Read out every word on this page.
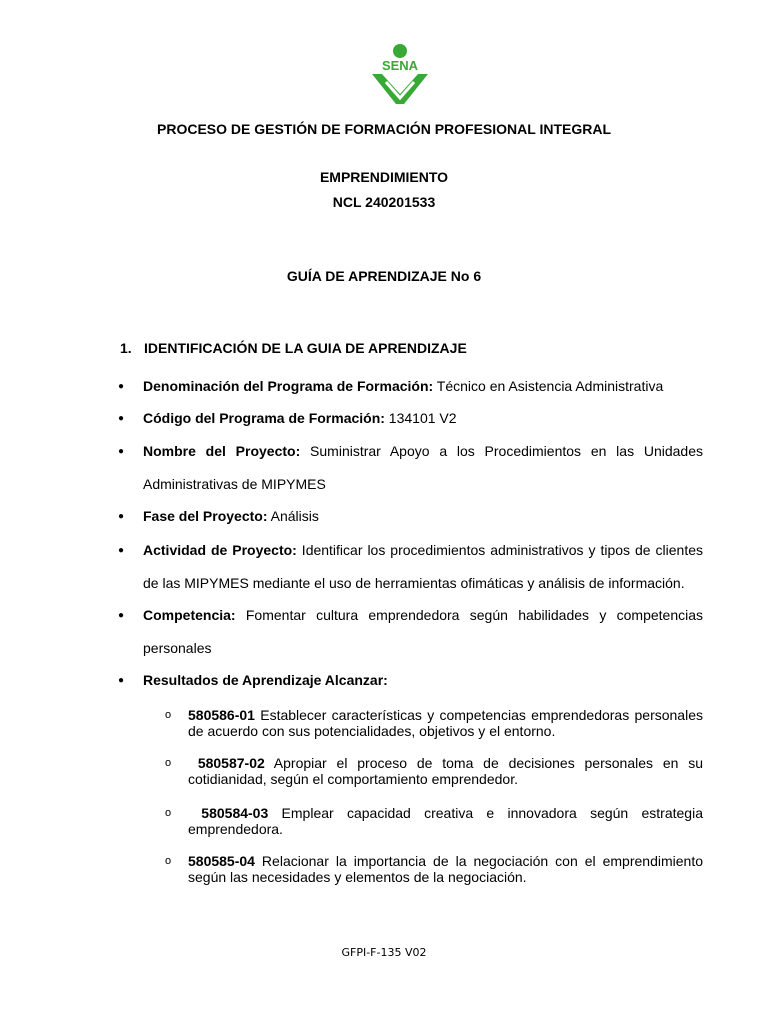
SENA
PROCESO DE GESTIÓN DE FORMACIÓN PROFESIONAL INTEGRAL
EMPRENDIMIENTO
NCL 240201533
GUÍA DE APRENDIZAJE No 6
1. IDENTIFICACIÓN DE LA GUIA DE APRENDIZAJE
● Denominación del Programa de Formación: Técnico en Asistencia Administrativa
● Código del Programa de Formación: 134101 V2
● Nombre del Proyecto: Suministrar Apoyo a los Procedimientos en las Unidades Administrativas de MIPYMES
● Fase del Proyecto: Análisis
● Actividad de Proyecto: Identificar los procedimientos administrativos y tipos de clientes de las MIPYMES mediante el uso de herramientas ofimáticas y análisis de información.
● Competencia: Fomentar cultura emprendedora según habilidades y competencias personales
● Resultados de Aprendizaje Alcanzar:
o 580586-01 Establecer características y competencias emprendedoras personales de acuerdo con sus potencialidades, objetivos y el entorno.
o	580587-02 Apropiar el proceso de toma de decisiones personales en su cotidianidad, según el comportamiento emprendedor.
o	580584-03 Emplear capacidad creativa e innovadora según estrategia emprendedora.
o 580585-04 Relacionar la importancia de la negociación con el emprendimiento según las necesidades y elementos de la negociación.
GFPI-F-135 V02
